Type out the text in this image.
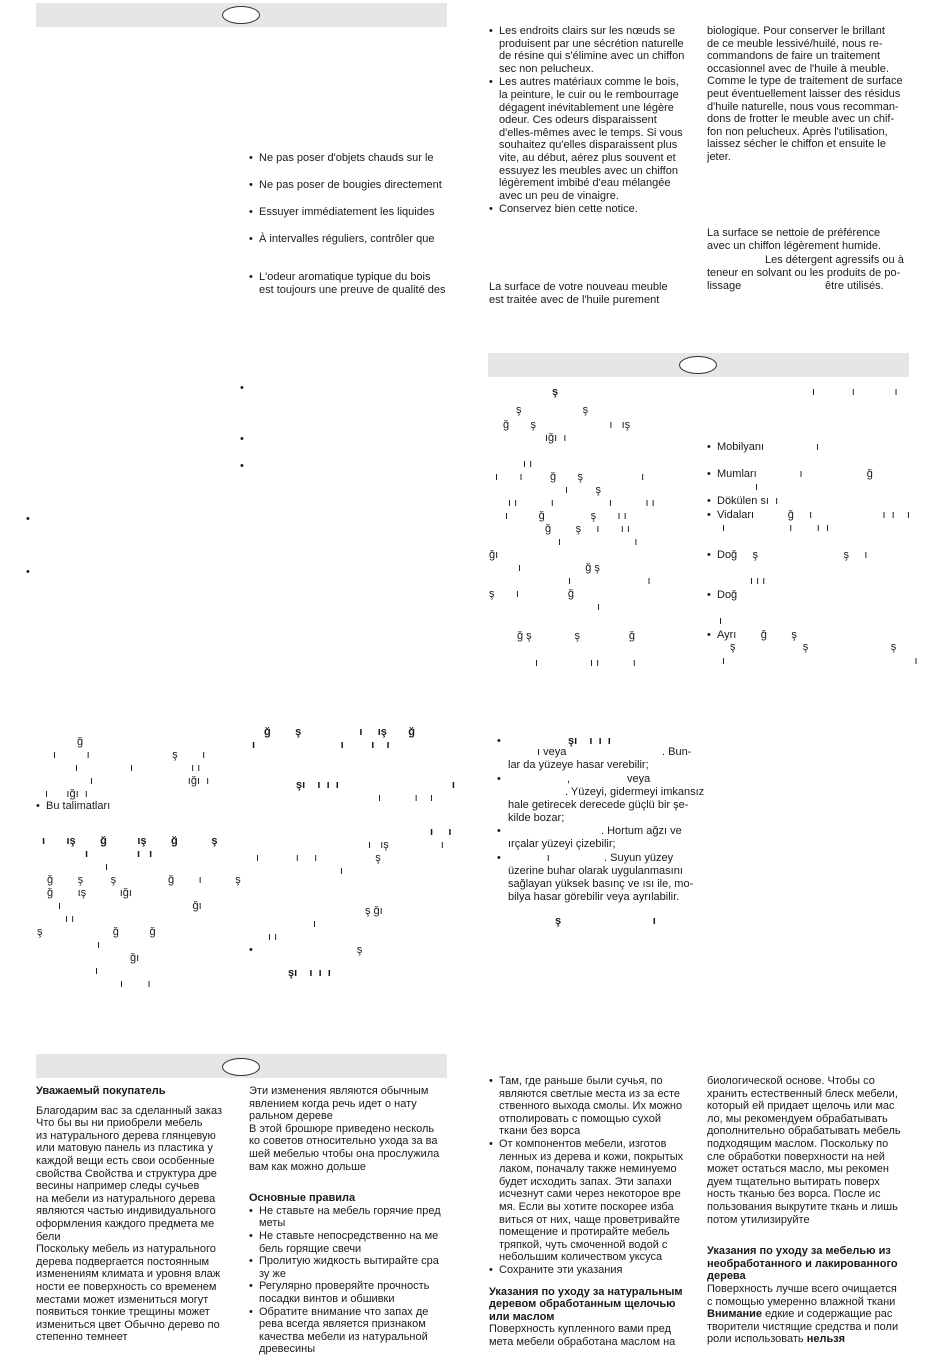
• Ne pas poser d'objets chauds sur le
• Ne pas poser de bougies directement
• Essuyer immédiatement les liquides
• À intervalles réguliers, contrôler que
• L'odeur aromatique typique du bois
est toujours une preuve de qualité des
• Les endroits clairs sur les nœuds se
produisent par une sécrétion naturelle
de résine qui s'élimine avec un chiffon
sec non pelucheux.
• Les autres matériaux comme le bois,
la peinture, le cuir ou le rembourrage
dégagent inévitablement une légère
odeur. Ces odeurs disparaissent
d'elles-mêmes avec le temps. Si vous
souhaitez qu'elles disparaissent plus
vite, au début, aérez plus souvent et
essuyez les meubles avec un chiffon
légèrement imbibé d'eau mélangée
avec un peu de vinaigre.
• Conservez bien cette notice.
La surface de votre nouveau meuble
est traitée avec de l'huile purement
biologique. Pour conserver le brillant
de ce meuble lessivé/huilé, nous re-
commandons de faire un traitement
occasionnel avec de l'huile à meuble.
Comme le type de traitement de surface
peut éventuellement laisser des résidus
d'huile naturelle, nous vous recomman-
dons de frotter le meuble avec un chif-
fon non pelucheux. Après l'utilisation,
laissez sécher le chiffon et ensuite le
jeter.
La surface se nettoie de préférence
avec un chiffon légèrement humide.
Les détergent agressifs ou à
teneur en solvant ou les produits de po-
lissage	être utilisés.
•
•
•
•
•
ş
ş                    ş
ğ       ş                        ı   ış
ığı  ı
ı ı
ı       ı         ğ       ş                   ı
ı         ş
ı ı           ı                  ı           ı ı
ı          ğ               ş       ı ı
ğ        ş     ı       ı ı
ı                        ı
ğı
ı                     ğ ş
ı                         ı
ş       ı                ğ
ı
ğ ş              ş                ğ
ı                 ı ı           ı
ı            ı             ı
• Mobilyanı                 ı
• Mumları              ı                     ğ
• Dökülen sı  ı
• Vidaları           ğ     ı                       ı  ı    ı
• Doğ     ş                            ş     ı
• Doğ
• Ayrı        ğ        ş
ı
ı                     ı        ı  ı
ı ı ı
ı
ş                      ş                           ş
ı                                                              ı
ğ
ı          ı                           ş        ı
ı                 ı                   ı ı
ı                               ığı  ı
ı      ığı  ı
• Bu talimatları
ı       ış        ğ          ış        ğ           ş
ı                ı   ı
ı
ğ        ş         ş                 ğ        ı           ş
ğ        ış           ığı
ı                                           ğı
ı ı
ş                       ğ          ğ
ı
ğı
ı
ı        ı
ğ        ş                   ı     ış       ğ
ı                            ı         ı    ı
şı    ı  ı  ı                                     ı
ı           ı    ı
ı     ı
ı   ış                 ı
ı            ı     ı                   ş
ı
ş ğı
ı
ı ı
•                                  ş
şı    ı  ı  ı
•	şı    ı  ı  ı
ı veya	. Bun-
lar da yüzeye hasar verebilir;
•	,	veya
. Yüzeyi, gidermeyi imkansız
hale getirecek derecede güçlü bir şe-
kilde bozar;
•	. Hortum ağzı ve
ırçalar yüzeyi çizebilir;
•               ı	. Suyun yüzey
üzerine buhar olarak uygulanmasını
sağlayan yüksek basınç ve ısı ile, mo-
bilya hasar görebilir veya ayrılabilir.
ş                              ı
Уважаемый покупатель

Благодарим вас за сделанный заказ
Что бы вы ни приобрели мебель
из натурального дерева глянцевую
или матовую панель из пластика у
каждой вещи есть свои особенные
свойства Свойства и структура дре
весины например следы сучьев
на мебели из натурального дерева
являются частью индивидуального
оформления каждого предмета ме
бели

Поскольку мебель из натурального
дерева подвергается постоянным
изменениям климата и уровня влаж
ности ее поверхность со временем
местами может измениться могут
появиться тонкие трещины может
измениться цвет Обычно дерево по
степенно темнеет

Эти изменения являются обычным
явлением когда речь идет о нату
ральном дереве

В этой брошюре приведено несколь
ко советов относительно ухода за ва
шей мебелью чтобы она прослужила
вам как можно дольше

Основные правила
• Не ставьте на мебель горячие пред
меты
• Не ставьте непосредственно на ме
бель горящие свечи
• Пролитую жидкость вытирайте сра
зу же
• Регулярно проверяйте прочность
посадки винтов и обшивки
• Обратите внимание что запах де
рева всегда является признаком
качества мебели из натуральной
древесины
• Там, где раньше были сучья, по
являются светлые места из за есте
ственного выхода смолы. Их можно
отполировать с помощью сухой
ткани без ворса
• От компонентов мебели, изготов
ленных из дерева и кожи, покрытых
лаком, поначалу также неминуемо
будет исходить запах. Эти запахи
исчезнут сами через некоторое вре
мя. Если вы хотите поскорее изба
виться от них, чаще проветривайте
помещение и протирайте мебель
тряпкой, чуть смоченной водой с
небольшим количеством уксуса
• Сохраните эти указания
Указания по уходу за натуральным
деревом обработанным щелочью
или маслом

Поверхность купленного вами пред
мета мебели обработана маслом на

биологической основе. Чтобы со
хранить естественный блеск мебели,
который ей придает щелочь или мас
ло, мы рекомендуем обрабатывать
дополнительно обрабатывать мебель
подходящим маслом. Поскольку по
сле обработки поверхности на ней
может остаться масло, мы рекомен
дуем тщательно вытирать поверх
ность тканью без ворса. После ис
пользования выкрутите ткань и лишь
потом утилизируйте

Указания по уходу за мебелью из
необработанного и лакированного
дерева

Поверхность лучше всего очищается
с помощью умеренно влажной ткани

Внимание едкие и содержащие рас
творители чистящие средства и поли
роли использовать нельзя
